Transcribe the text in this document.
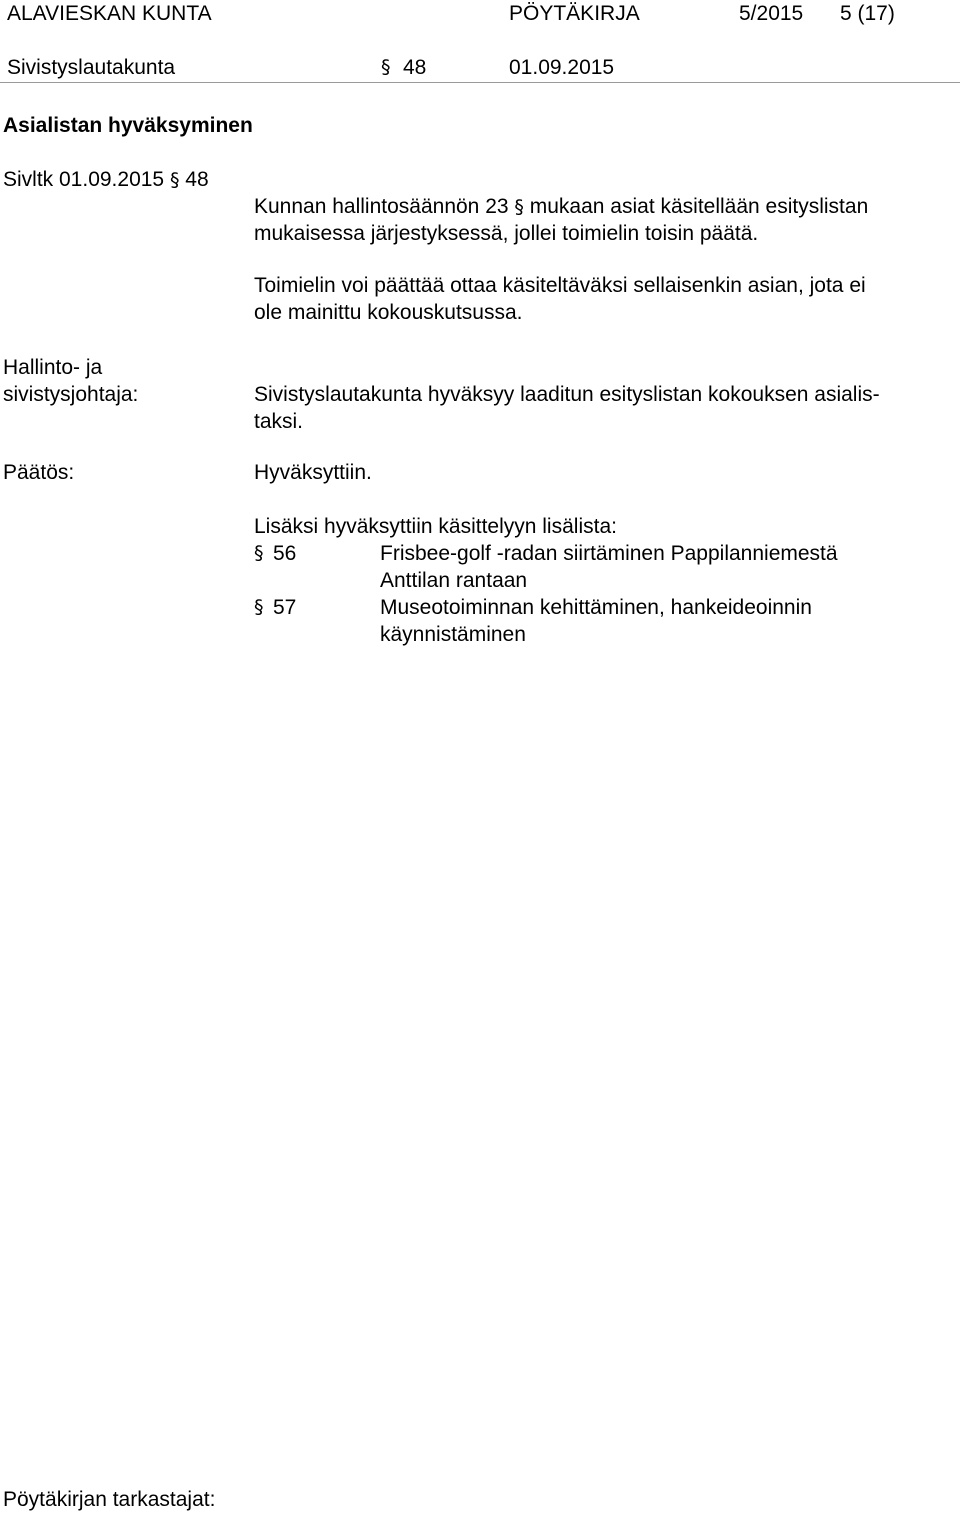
ALAVIESKAN KUNTA	PÖYTÄKIRJA	5/2015 5 (17)
Sivistyslautakunta	§ 48	01.09.2015
Asialistan hyväksyminen
Sivltk 01.09.2015 § 48
Kunnan hallintosäännön 23 § mukaan asiat käsitellään esityslistan
mukaisessa järjestyksessä, jollei toimielin toisin päätä.
Toimielin voi päättää ottaa käsiteltäväksi sellaisenkin asian, jota ei
ole mainittu kokouskutsussa.
Hallinto- ja
sivistysjohtaja:	Sivistyslautakunta hyväksyy laaditun esityslistan kokouksen asialis-
taksi.
Päätös:	Hyväksyttiin.
Lisäksi hyväksyttiin käsittelyyn lisälista:
§ 56	Frisbee-golf -radan siirtäminen Pappilanniemestä
Anttilan rantaan
§ 57	Museotoiminnan kehittäminen, hankeideoinnin
käynnistäminen
Pöytäkirjan tarkastajat:
